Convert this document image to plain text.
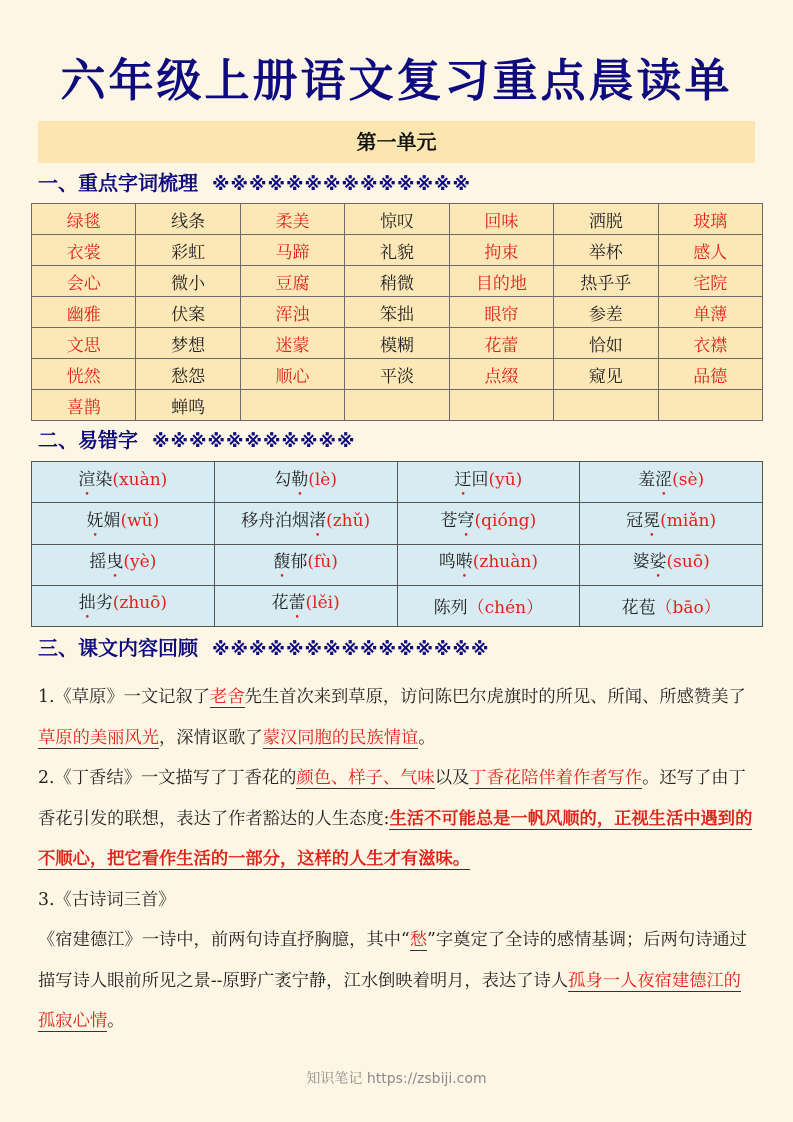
六年级上册语文复习重点晨读单
第一单元
一、重点字词梳理 ※※※※※※※※※※※※※※
绿毯	线条	柔美	惊叹	回味	洒脱	玻璃
衣裳	彩虹	马蹄	礼貌	拘束	举杯	感人
会心	微小	豆腐	稍微	目的地	热乎乎	宅院
幽雅	伏案	浑浊	笨拙	眼帘	参差	单薄
文思	梦想	迷蒙	模糊	花蕾	恰如	衣襟
恍然	愁怨	顺心	平淡	点缀	窥见	品德
喜鹊	蝉鸣					
二、易错字 ※※※※※※※※※※※
渲染(xuàn)	勾勒(lè)	迂回(yū)	羞涩(sè)
妩媚(wǔ)	移舟泊烟渚(zhǔ)	苍穹(qióng)	冠冕(miǎn)
摇曳(yè)	馥郁(fù)	鸣啭(zhuàn)	婆娑(suō)
拙劣(zhuō)	花蕾(lěi)	陈列（chén）	花苞（bāo）
三、课文内容回顾 ※※※※※※※※※※※※※※※

1.《草原》一文记叙了老舍先生首次来到草原，访问陈巴尔虎旗时的所见、所闻、所感赞美了草原的美丽风光，深情讴歌了蒙汉同胞的民族情谊。

2.《丁香结》一文描写了丁香花的颜色、样子、气味以及丁香花陪伴着作者写作。还写了由丁香花引发的联想，表达了作者豁达的人生态度:生活不可能总是一帆风顺的，正视生活中遇到的不顺心，把它看作生活的一部分，这样的人生才有滋味。

3.《古诗词三首》

《宿建德江》一诗中，前两句诗直抒胸臆，其中“愁”字奠定了全诗的感情基调；后两句诗通过描写诗人眼前所见之景--原野广袤宁静，江水倒映着明月，表达了诗人孤身一人夜宿建德江的孤寂心情。

知识笔记 https://zsbiji.com
